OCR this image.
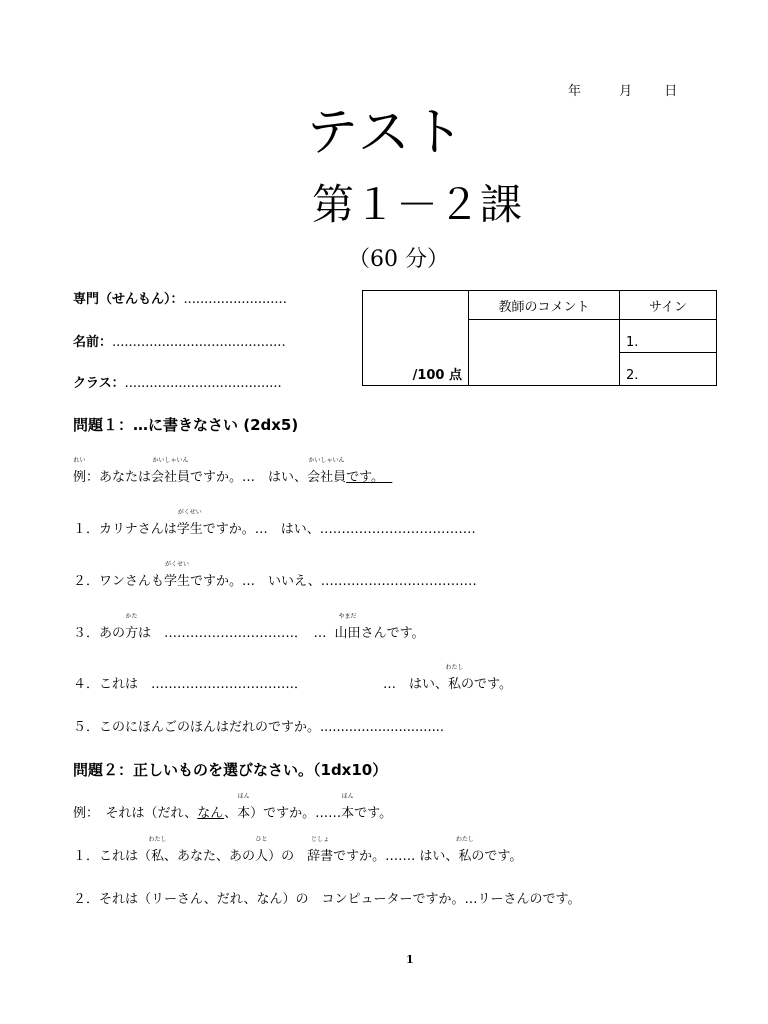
年	月 日
テスト
第１－２課
（60 分）
専門（せんもん）：.........................
名前：..........................................
クラス：......................................
/100 点	教師のコメント	サイン
		1.
		2.
問題１：…に書きなさい (2dx5)
れい
例：あなたは
かいしゃいん
会社員ですか。…　はい、
かいしゃいん
会社員です。
１．カリナさんは
がくせい
学生ですか。…　はい、………………………………
２．ワンさんも
がくせい
学生ですか。…　いいえ、………………………………
３．あの
かた
方は　…………………………．　…
やまだ
山田さんです。
４．これは　……………………………．	…　はい、
わたし
私のです。
５．このにほんごのほんはだれのですか。..............................
問題２：正しいものを選びなさい。（1dx10）
例：　それは（だれ、なん、
ほん
本）ですか。……
ほん
本です。
１．これは（
わたし
私、あなた、あの
ひと
人）の　
じしょ
辞書ですか。……. はい、
わたし
私のです。
２．それは（リーさん、だれ、なん）の　コンピューターですか。…リーさんのです。
1
